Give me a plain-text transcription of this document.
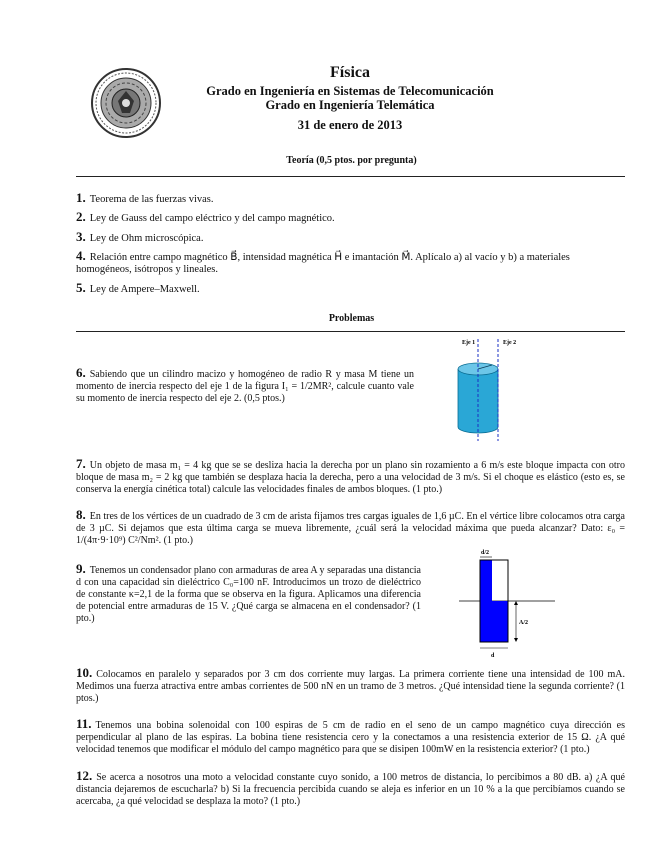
Física
Grado en Ingeniería en Sistemas de Telecomunicación
Grado en Ingeniería Telemática
31 de enero de 2013
Teoría (0,5 ptos. por pregunta)
1. Teorema de las fuerzas vivas.
2. Ley de Gauss del campo eléctrico y del campo magnético.
3. Ley de Ohm microscópica.
4. Relación entre campo magnético B⃗, intensidad magnética H⃗ e imantación M⃗. Aplícalo a) al vacío y b) a materiales homogéneos, isótropos y lineales.
5. Ley de Ampere–Maxwell.
Problemas
6. Sabiendo que un cilindro macizo y homogéneo de radio R y masa M tiene un momento de inercia respecto del eje 1 de la figura I₁ = 1/2MR², calcule cuanto vale su momento de inercia respecto del eje 2. (0,5 ptos.)
Eje 1	Eje 2
7. Un objeto de masa m₁ = 4 kg que se se desliza hacia la derecha por un plano sin rozamiento a 6 m/s este bloque impacta con otro bloque de masa m₂ = 2 kg que también se desplaza hacia la derecha, pero a una velocidad de 3 m/s. Si el choque es elástico (esto es, se conserva la energía cinética total) calcule las velocidades finales de ambos bloques. (1 pto.)
8. En tres de los vértices de un cuadrado de 3 cm de arista fijamos tres cargas iguales de 1,6 µC. En el vértice libre colocamos otra carga de 3 µC. Si dejamos que esta última carga se mueva libremente, ¿cuál será la velocidad máxima que pueda alcanzar? Dato: ε₀ = 1/(4π·9·10⁹) C²/Nm². (1 pto.)
9. Tenemos un condensador plano con armaduras de area A y separadas una distancia d con una capacidad sin dieléctrico C₀=100 nF. Introducimos un trozo de dieléctrico de constante κ=2,1 de la forma que se observa en la figura. Aplicamos una diferencia de potencial entre armaduras de 15 V. ¿Qué carga se almacena en el condensador? (1 pto.)
d/2
A/2
d
10. Colocamos en paralelo y separados por 3 cm dos corriente muy largas. La primera corriente tiene una intensidad de 100 mA. Medimos una fuerza atractiva entre ambas corrientes de 500 nN en un tramo de 3 metros. ¿Qué intensidad tiene la segunda corriente? (1 ptos.)
11. Tenemos una bobina solenoidal con 100 espiras de 5 cm de radio en el seno de un campo magnético cuya dirección es perpendicular al plano de las espiras. La bobina tiene resistencia cero y la conectamos a una resistencia exterior de 15 Ω. ¿A qué velocidad tenemos que modificar el módulo del campo magnético para que se disipen 100mW en la resistencia exterior? (1 pto.)
12. Se acerca a nosotros una moto a velocidad constante cuyo sonido, a 100 metros de distancia, lo percibimos a 80 dB. a) ¿A qué distancia dejaremos de escucharla? b) Si la frecuencia percibida cuando se aleja es inferior en un 10 % a la que percibíamos cuando se acercaba, ¿a qué velocidad se desplaza la moto? (1 pto.)
